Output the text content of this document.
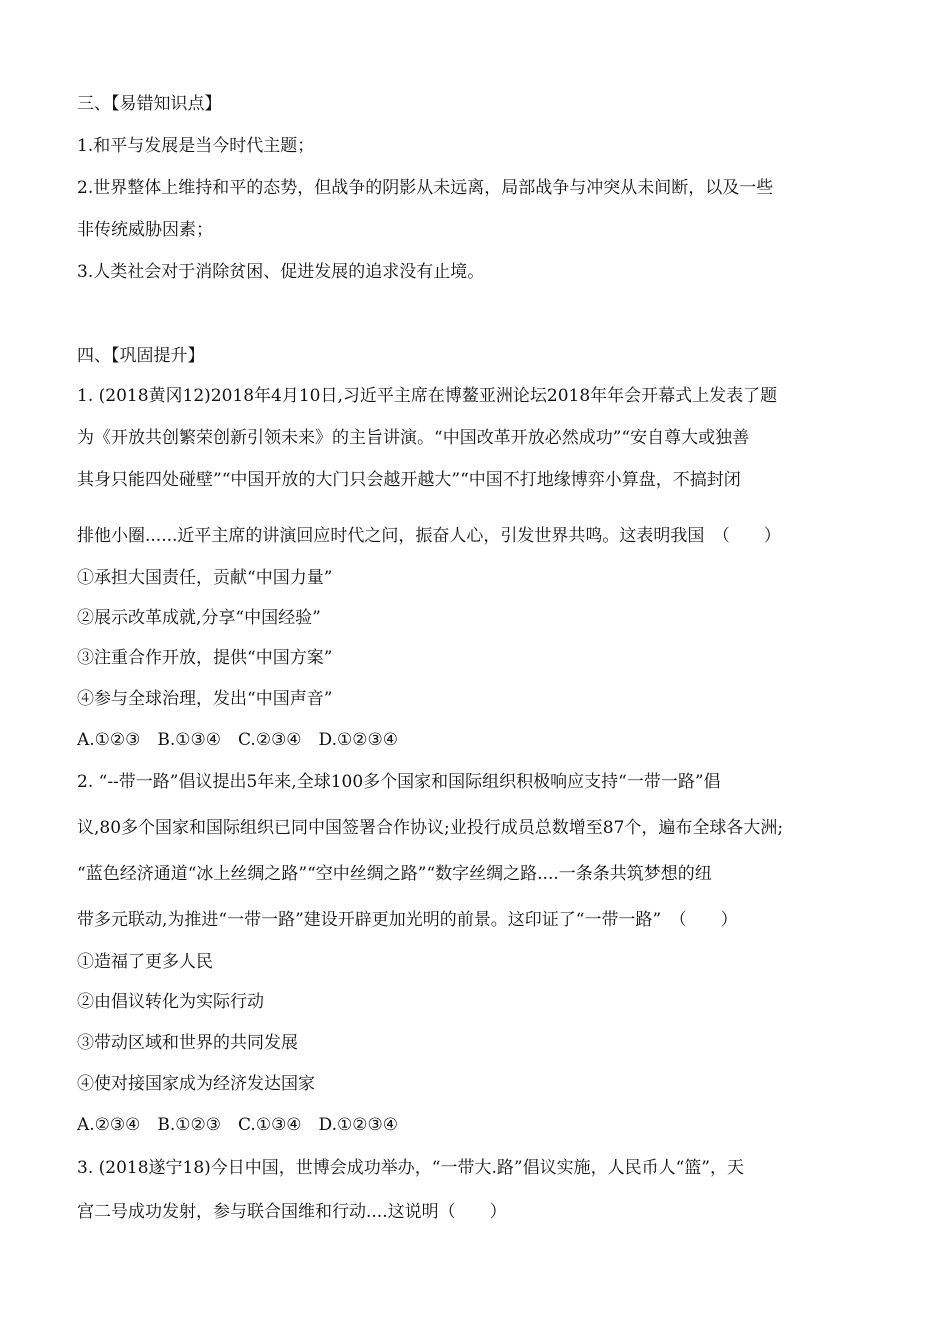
三、【易错知识点】
1.和平与发展是当今时代主题；
2.世界整体上维持和平的态势，但战争的阴影从未远离，局部战争与冲突从未间断，以及一些
非传统威胁因素；
3.人类社会对于消除贫困、促进发展的追求没有止境。
四、【巩固提升】
1. (2018黄冈12)2018年4月10日,习近平主席在博鳌亚洲论坛2018年年会开幕式上发表了题
为《开放共创繁荣创新引领未来》的主旨讲演。“中国改革开放必然成功”“安自尊大或独善
其身只能四处碰壁”“中国开放的大门只会越开越大”“中国不打地缘博弈小算盘，不搞封闭
排他小圈......近平主席的讲演回应时代之问，振奋人心，引发世界共鸣。这表明我国　（　　）
①承担大国责任，贡献“中国力量”
②展示改革成就,分享“中国经验”
③注重合作开放，提供“中国方案”
④参与全球治理，发出“中国声音”
A.①②③　B.①③④　C.②③④　D.①②③④
2. “--带一路”倡议提出5年来,全球100多个国家和国际组织积极响应支持“一带一路”倡
议,80多个国家和国际组织已同中国签署合作协议;业投行成员总数增至87个，遍布全球各大洲;
“蓝色经济通道“冰上丝绸之路”“空中丝绸之路”“数字丝绸之路....一条条共筑梦想的纽
带多元联动,为推进“一带一路”建设开辟更加光明的前景。这印证了“一带一路”　（　　）
①造福了更多人民
②由倡议转化为实际行动
③带动区域和世界的共同发展
④使对接国家成为经济发达国家
A.②③④　B.①②③　C.①③④　D.①②③④
3. (2018遂宁18)今日中国，世博会成功举办，“一带大.路”倡议实施，人民币人“篮”，天
宫二号成功发射，参与联合国维和行动....这说明（　　）
